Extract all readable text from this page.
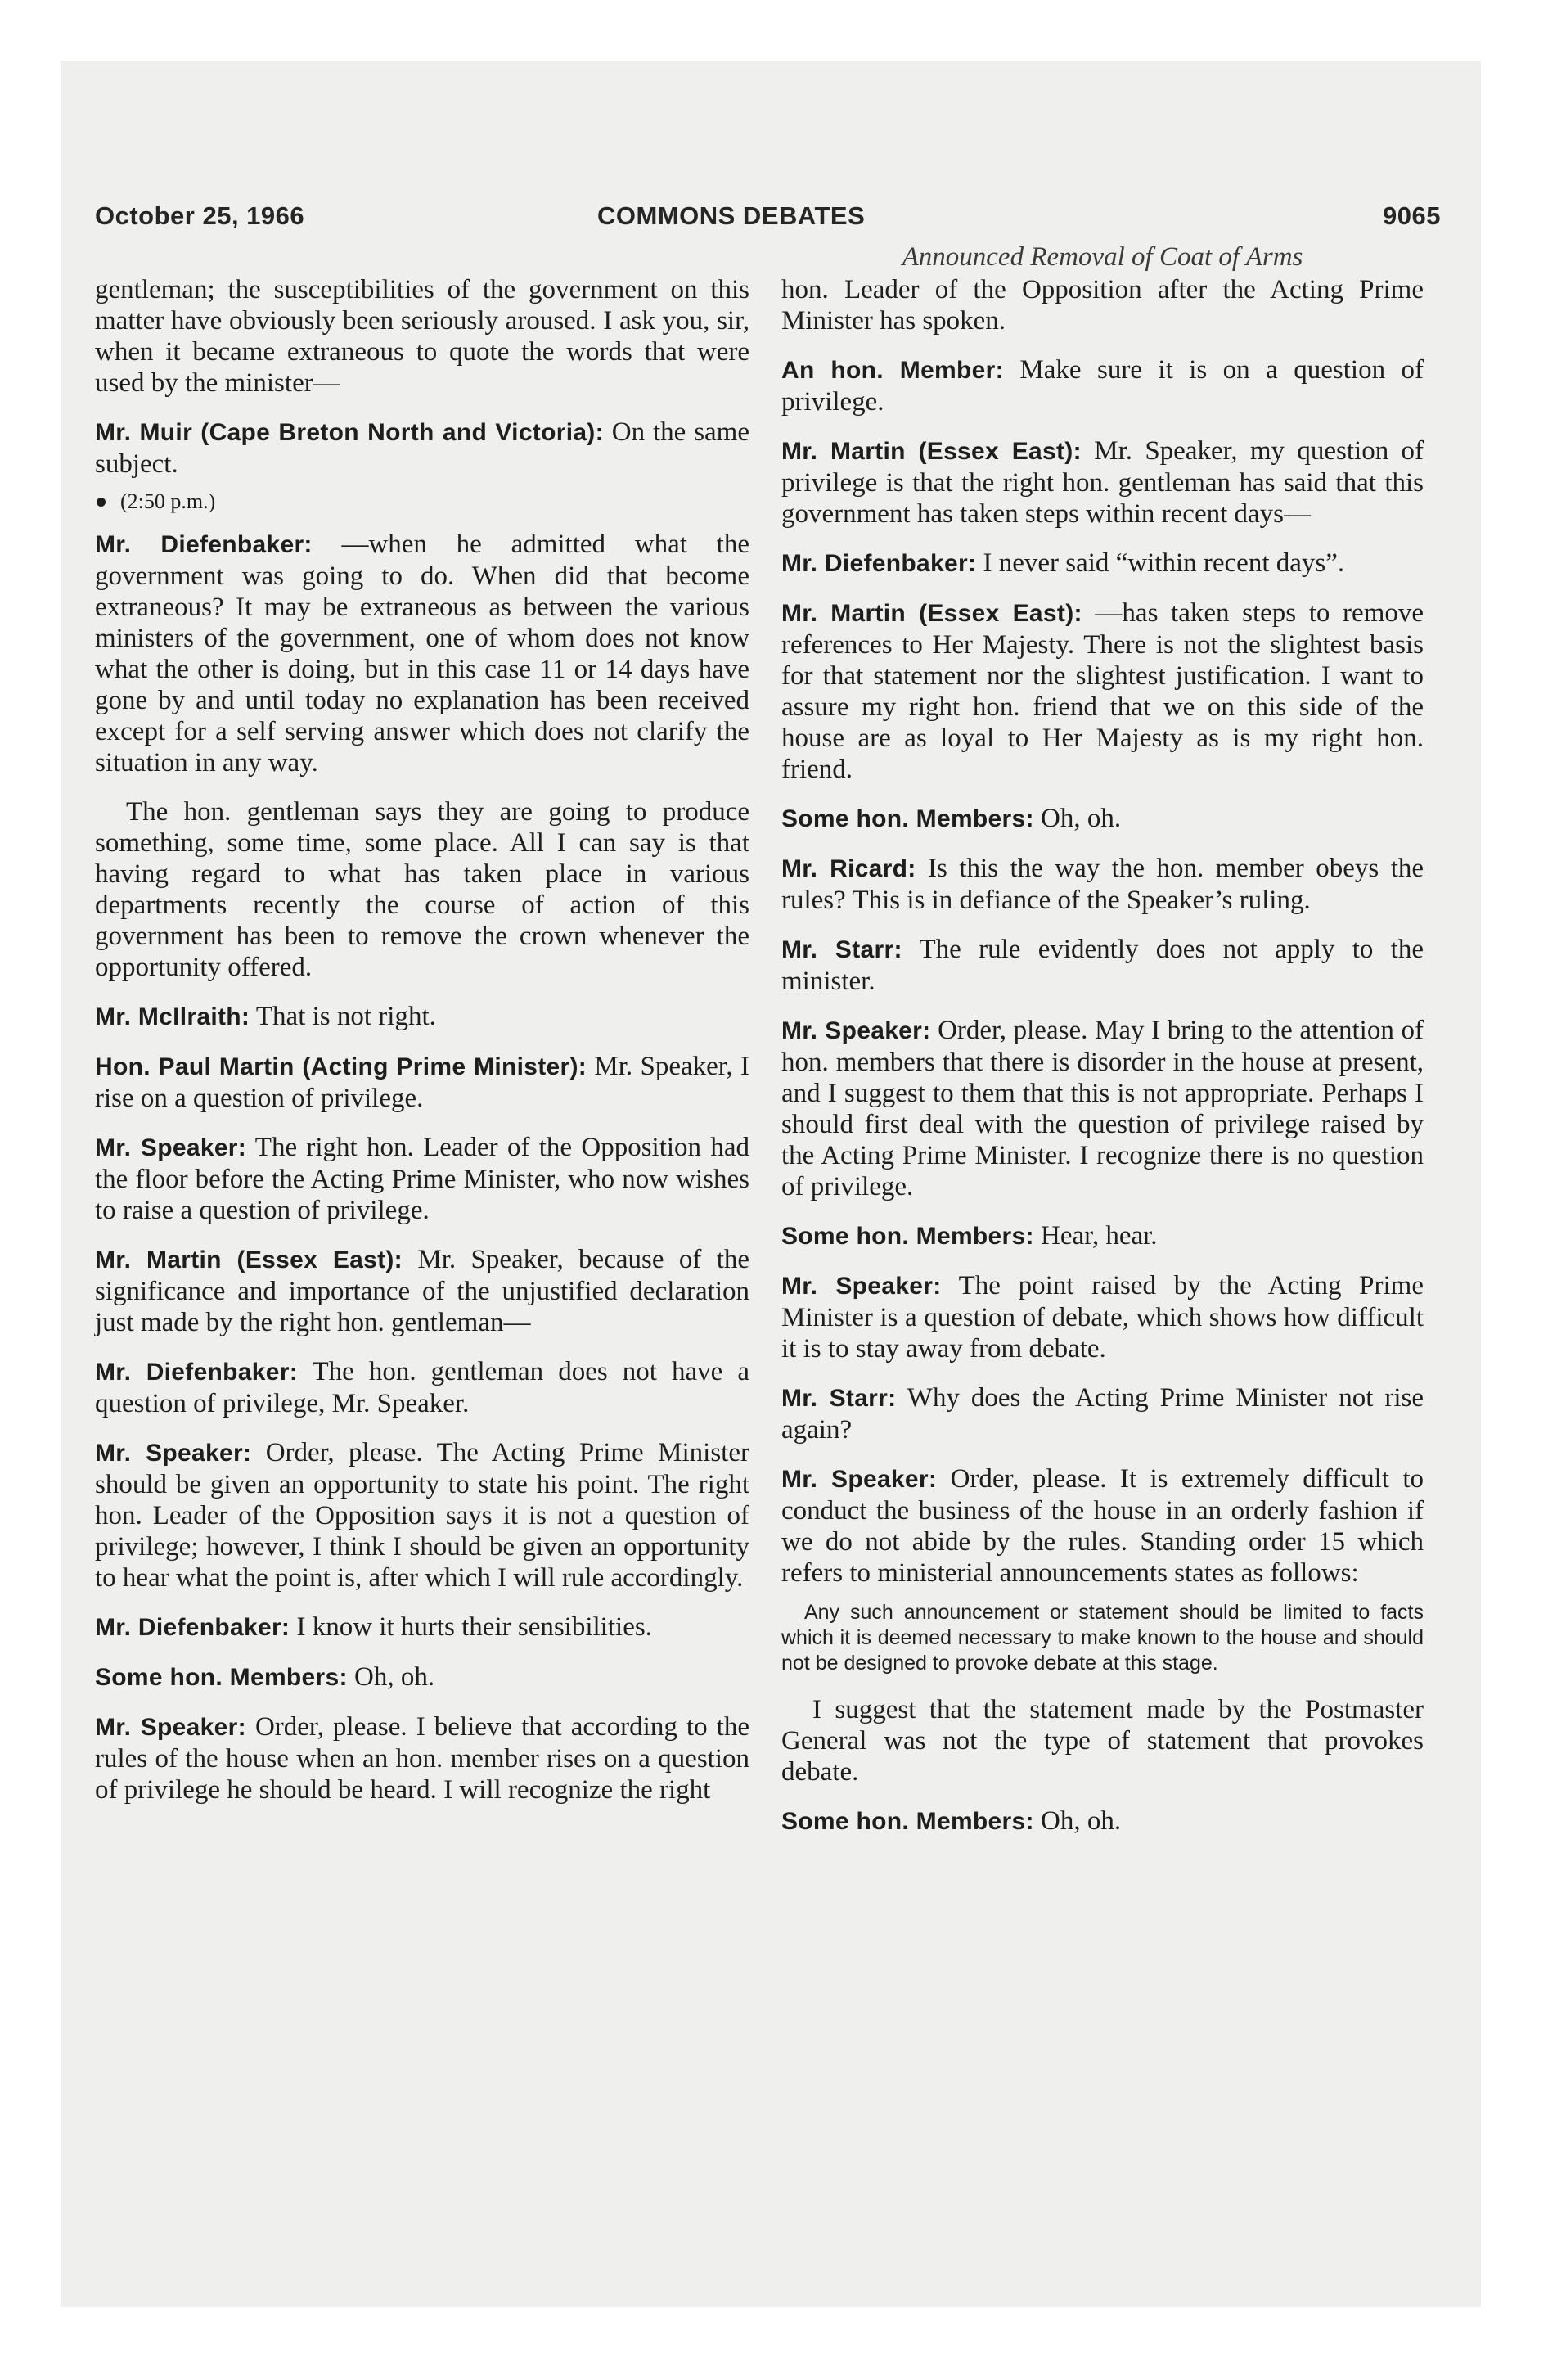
October 25, 1966	COMMONS DEBATES	9065
Announced Removal of Coat of Arms

gentleman; the susceptibilities of the government on this matter have obviously been seriously aroused. I ask you, sir, when it became extraneous to quote the words that were used by the minister—

Mr. Muir (Cape Breton North and Victoria): On the same subject.

(2:50 p.m.)

Mr. Diefenbaker: —when he admitted what the government was going to do. When did that become extraneous? It may be extraneous as between the various ministers of the government, one of whom does not know what the other is doing, but in this case 11 or 14 days have gone by and until today no explanation has been received except for a self serving answer which does not clarify the situation in any way.

The hon. gentleman says they are going to produce something, some time, some place. All I can say is that having regard to what has taken place in various departments recently the course of action of this government has been to remove the crown whenever the opportunity offered.

Mr. McIlraith: That is not right.

Hon. Paul Martin (Acting Prime Minister): Mr. Speaker, I rise on a question of privilege.

Mr. Speaker: The right hon. Leader of the Opposition had the floor before the Acting Prime Minister, who now wishes to raise a question of privilege.

Mr. Martin (Essex East): Mr. Speaker, because of the significance and importance of the unjustified declaration just made by the right hon. gentleman—

Mr. Diefenbaker: The hon. gentleman does not have a question of privilege, Mr. Speaker.

Mr. Speaker: Order, please. The Acting Prime Minister should be given an opportunity to state his point. The right hon. Leader of the Opposition says it is not a question of privilege; however, I think I should be given an opportunity to hear what the point is, after which I will rule accordingly.

Mr. Diefenbaker: I know it hurts their sensibilities.

Some hon. Members: Oh, oh.

Mr. Speaker: Order, please. I believe that according to the rules of the house when an hon. member rises on a question of privilege he should be heard. I will recognize the right

hon. Leader of the Opposition after the Acting Prime Minister has spoken.

An hon. Member: Make sure it is on a question of privilege.

Mr. Martin (Essex East): Mr. Speaker, my question of privilege is that the right hon. gentleman has said that this government has taken steps within recent days—

Mr. Diefenbaker: I never said “within recent days”.

Mr. Martin (Essex East): —has taken steps to remove references to Her Majesty. There is not the slightest basis for that statement nor the slightest justification. I want to assure my right hon. friend that we on this side of the house are as loyal to Her Majesty as is my right hon. friend.

Some hon. Members: Oh, oh.

Mr. Ricard: Is this the way the hon. member obeys the rules? This is in defiance of the Speaker’s ruling.

Mr. Starr: The rule evidently does not apply to the minister.

Mr. Speaker: Order, please. May I bring to the attention of hon. members that there is disorder in the house at present, and I suggest to them that this is not appropriate. Perhaps I should first deal with the question of privilege raised by the Acting Prime Minister. I recognize there is no question of privilege.

Some hon. Members: Hear, hear.

Mr. Speaker: The point raised by the Acting Prime Minister is a question of debate, which shows how difficult it is to stay away from debate.

Mr. Starr: Why does the Acting Prime Minister not rise again?

Mr. Speaker: Order, please. It is extremely difficult to conduct the business of the house in an orderly fashion if we do not abide by the rules. Standing order 15 which refers to ministerial announcements states as follows:

Any such announcement or statement should be limited to facts which it is deemed necessary to make known to the house and should not be designed to provoke debate at this stage.

I suggest that the statement made by the Postmaster General was not the type of statement that provokes debate.

Some hon. Members: Oh, oh.
